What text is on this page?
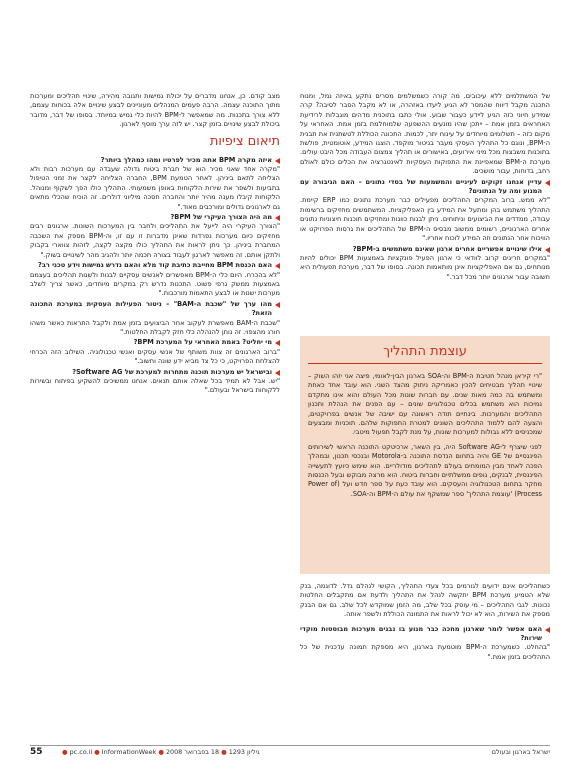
של המשתלמים ללא עיכובים. מה קורה כשמשלמים מסרים נתקע באיזה נמל, ומנוח התכנה מקבל דיווח שהמסר לא הגיע ליעדו באזהרה, או לא מקבל הסבר לסיבה? קרה שמידע חיוני כזה הגיע ליידע כעבור שבוע. אולי כתבו בתוכנית מדהים מוגבלות לרידיעת האחראים בזמן אמת – ייתכן שהיו מונעים ההשפעה שלמוחלמת בזמן אמת. האחראי על מקום כזה – תשלומים מיוחדים על עינוח יתר, לכמות. התכונה הכוללת לטשתנית את תבנית ה-BPM, ונוגם כל התהליך העסקי מעבר בניטור מוקפד. הוצגו המידע, אוטומטית, פולשת בתוכנות משבצות מכל מיני אירועים, באישורים או תהליך צמצום העבודה מכל היבט עולים. מערכת ה-BPM שמאפיינת את התפוקות העסקיות לאינטגרציה את הכלים כולם לאולם רחב, בדוחות, עבור מושכים.

עדיין אנחנו זקוקים לעיניים והמשמעות של בסדי נתונים – האם הגיבורה עם המנוע ומה על הנתונים?

"לא ממש. ברוב המקרים התהליכים מפעילים כבר מערכת נתונים כמו ERP קיימת. התהליך משתמש בהן ומתעל את המידע בין האפליקציות. המשתמשים מחזיקים ברשימות עבודה, ממדדים את הביצועים וניתוחים. ניתן לבנות כוונות ומחזיקים תוכנות חיצוניות נתונים אחרים הארגוניים, רשומים ממשוב מבסיס ה-BPM של התהליכים את גרסות הפרויקט או הוויכוח אחר הנתונים וזה המידע לוכוח אחריו."

אילו שינויים אפשריים אחרים ארגון שאינם משתמשים ב-BPM?

"במקרים חריגים קרוב לוודאי כי ארגון הפעיל פונקציות באמצעות BPM יכולים להיות מנותחים, גם אם האפליקציות אינן מותאמות תכונה. בסופו של דבר, מערכת תפעולית היא חשובה עבור ארגונים יותר מכל דבר."

עוצמת התהליך

"רי קיראן מנהל חטיבת ה-BPM וה-SOA בארגון הבין-לאומי, פיצה אני יזהו השוק – שינויי תהליך מבטיחים להכין כאמריקה ניתוק מהצד השני. הוא עובד אחד כאחת ומשתמש בה כמה מאות שנים. עם חברות שונות מכל העולם והוא אינו מתקדם נמיכות הוא משתמש בכלים טכנולוגיים שונים – עם הפנים את הנהלת ותכנון התהליכים והמערכות. בינתיים תודה ראשונה עם ישיבה של אנשים בפרויקטים, והצעה להם ללמוד התהליכים השונים למטרת התפוקות שלהם. תוכניות ומבצעים שמכניסים ללא גבולות למערכות שונות, על מנת לקבל תפעול מיטבי.

לפני שיצרף ל-Software AG היה, בין השאר, ארכיטקט התוכנה הראשי לשירותים הפיננסיים של GE והיה בתחום הנדסת התוכנה ב-Motorola ובנכסי תכנון, ובמהלך הפכה לאחד מבין המומחים בעולם לתהליכים מודולריים. הוא שימש כיועץ לתעשייה הפיננסית, לבנקים, גופים ממשלתיים וחברות ביטוח. הוא מרצה מבוקש ובעל הכנסות מחקר בתחום הטכנולוגיה והעסקים. הוא עובד כעת על ספר חדש ועל (Power of Process) 'עוצמת התהליך' ספר שמשקף את עולם ה-BPM וה-SOA.

כשתהליכים אינם ידועים לגורמים בכל צעדי התהליך, הקושי לנהלם גדל. לדוגמה, בנק שלא הטמיע מערכת BPM יתקשה לנהל את התהליך ולדעת אם מתקבלים החלטות נכונות. לגבי התהליכים – מי עוסק בכל שלב, מה הזמן שמוקדש לכל שלב. גם אם הבנק מספק את השירות, הוא לא יכול לראות את התמונה הכוללת ולשפר אותה.

האם אפשר לומר שארגון מחכה כבר מנוע בו נבנים מערכות מבוססות מוקדי שירות?

"בהחלט. כשמערכת ה-BPM מוטמעת בארגון, היא מספקת תמונה עדכנית של כל התהליכים בזמן אמת."

מצב קודם. כן, אנחנו מדברים על יכולת גמישות ותגובה מהירה, שינויי תהליכים ומערכות מתוך התוכנה עצמה. הרבה פעמים המנהלים מעוניינים לבצע שינויים אלה בכוחות עצמם, ללא צורך בתכנות. מה שמאפשר ל-BPM להיות כלי גמיש במיוחד. בסופו של דבר, מדובר ביכולת לבצע שינויים בזמן קצר. יש לזה ערך מוסף לארגון.

תיאום ציפיות
איזה מקרה BPM אתה מכיר לפרטיו ומהו כמהלך ביותר?

"מקרה אחד שאני מכיר הוא של חברת ביטוח גדולה שעבדה עם מערכות רבות ולא הצליחה לתאם ביניהן. לאחר הטמעת BPM, החברה הצליחה לקצר את זמני הטיפול בתביעות ולשפר את שירות הלקוחות באופן משמעותי. התהליך כולו הפך לשקוף ומנוהל. הלקוחות קיבלו מענה מהיר יותר והחברה חסכה מיליוני דולרים. זה הוכיח שהכלי מתאים גם לארגונים גדולים ומורכבים מאוד."

מה היה הצורך העיקרי של BPM?

"הצורך העיקרי היה לייעל את התהליכים ולחבר בין המערכות השונות. ארגונים רבים מחזיקים כיום מערכות נפרדות שאינן מדברות זו עם זו, וה-BPM מספק את השכבה המחברת ביניהן. כך ניתן לראות את התהליך כולו מקצה לקצה, לזהות צווארי בקבוק ולתקן אותם. זה מאפשר לארגון לעבוד בצורה חכמה יותר ולהגיב מהר לשינויים בשוק."

האם הכנסת BPM מחייבת כתיבת קוד מלא והאם נדרש גמישות וידע טכני רב?

"לא בהכרח. היום כלי ה-BPM מאפשרים לאנשים עסקיים לבנות ולשנות תהליכים בעצמם באמצעות ממשק גרפי פשוט. התכנות נדרש רק במקרים מיוחדים, כאשר צריך לשלב מערכות ישנות או לבצע התאמות מורכבות."

מהו ערך של "שכבת ה-BAM" – ניטור הפעילות העסקית במערכת התכונה הזאת?

"שכבת ה-BAM מאפשרת לעקוב אחר הביצועים בזמן אמת ולקבל התראות כאשר משהו חורג מהצפוי. זה נותן להנהלה כלי חזק לקבלת החלטות."

מי יחליט? באמת האחראי על המערכת BPM?

"ברוב הארגונים זה צוות משותף של אנשי עסקים ואנשי טכנולוגיה. השילוב הזה הכרחי להצלחת הפרויקט, כי כל צד מביא ידע שונה וחשוב."

ובישראל יש מערכות תוכנה מתחרות למערכת של Software AG?

"יש. אבל לא תמיד בכל שאלה אותם תנאים. אנחנו ממשיכים להשקיע בפיתוח ובשירות ללקוחות בישראל ובעולם."

55	● pc.co.il ● InformationWeek ●	גיליון 1293 ● 18 בפברואר 2008	ישראל בארגון ובעולם
